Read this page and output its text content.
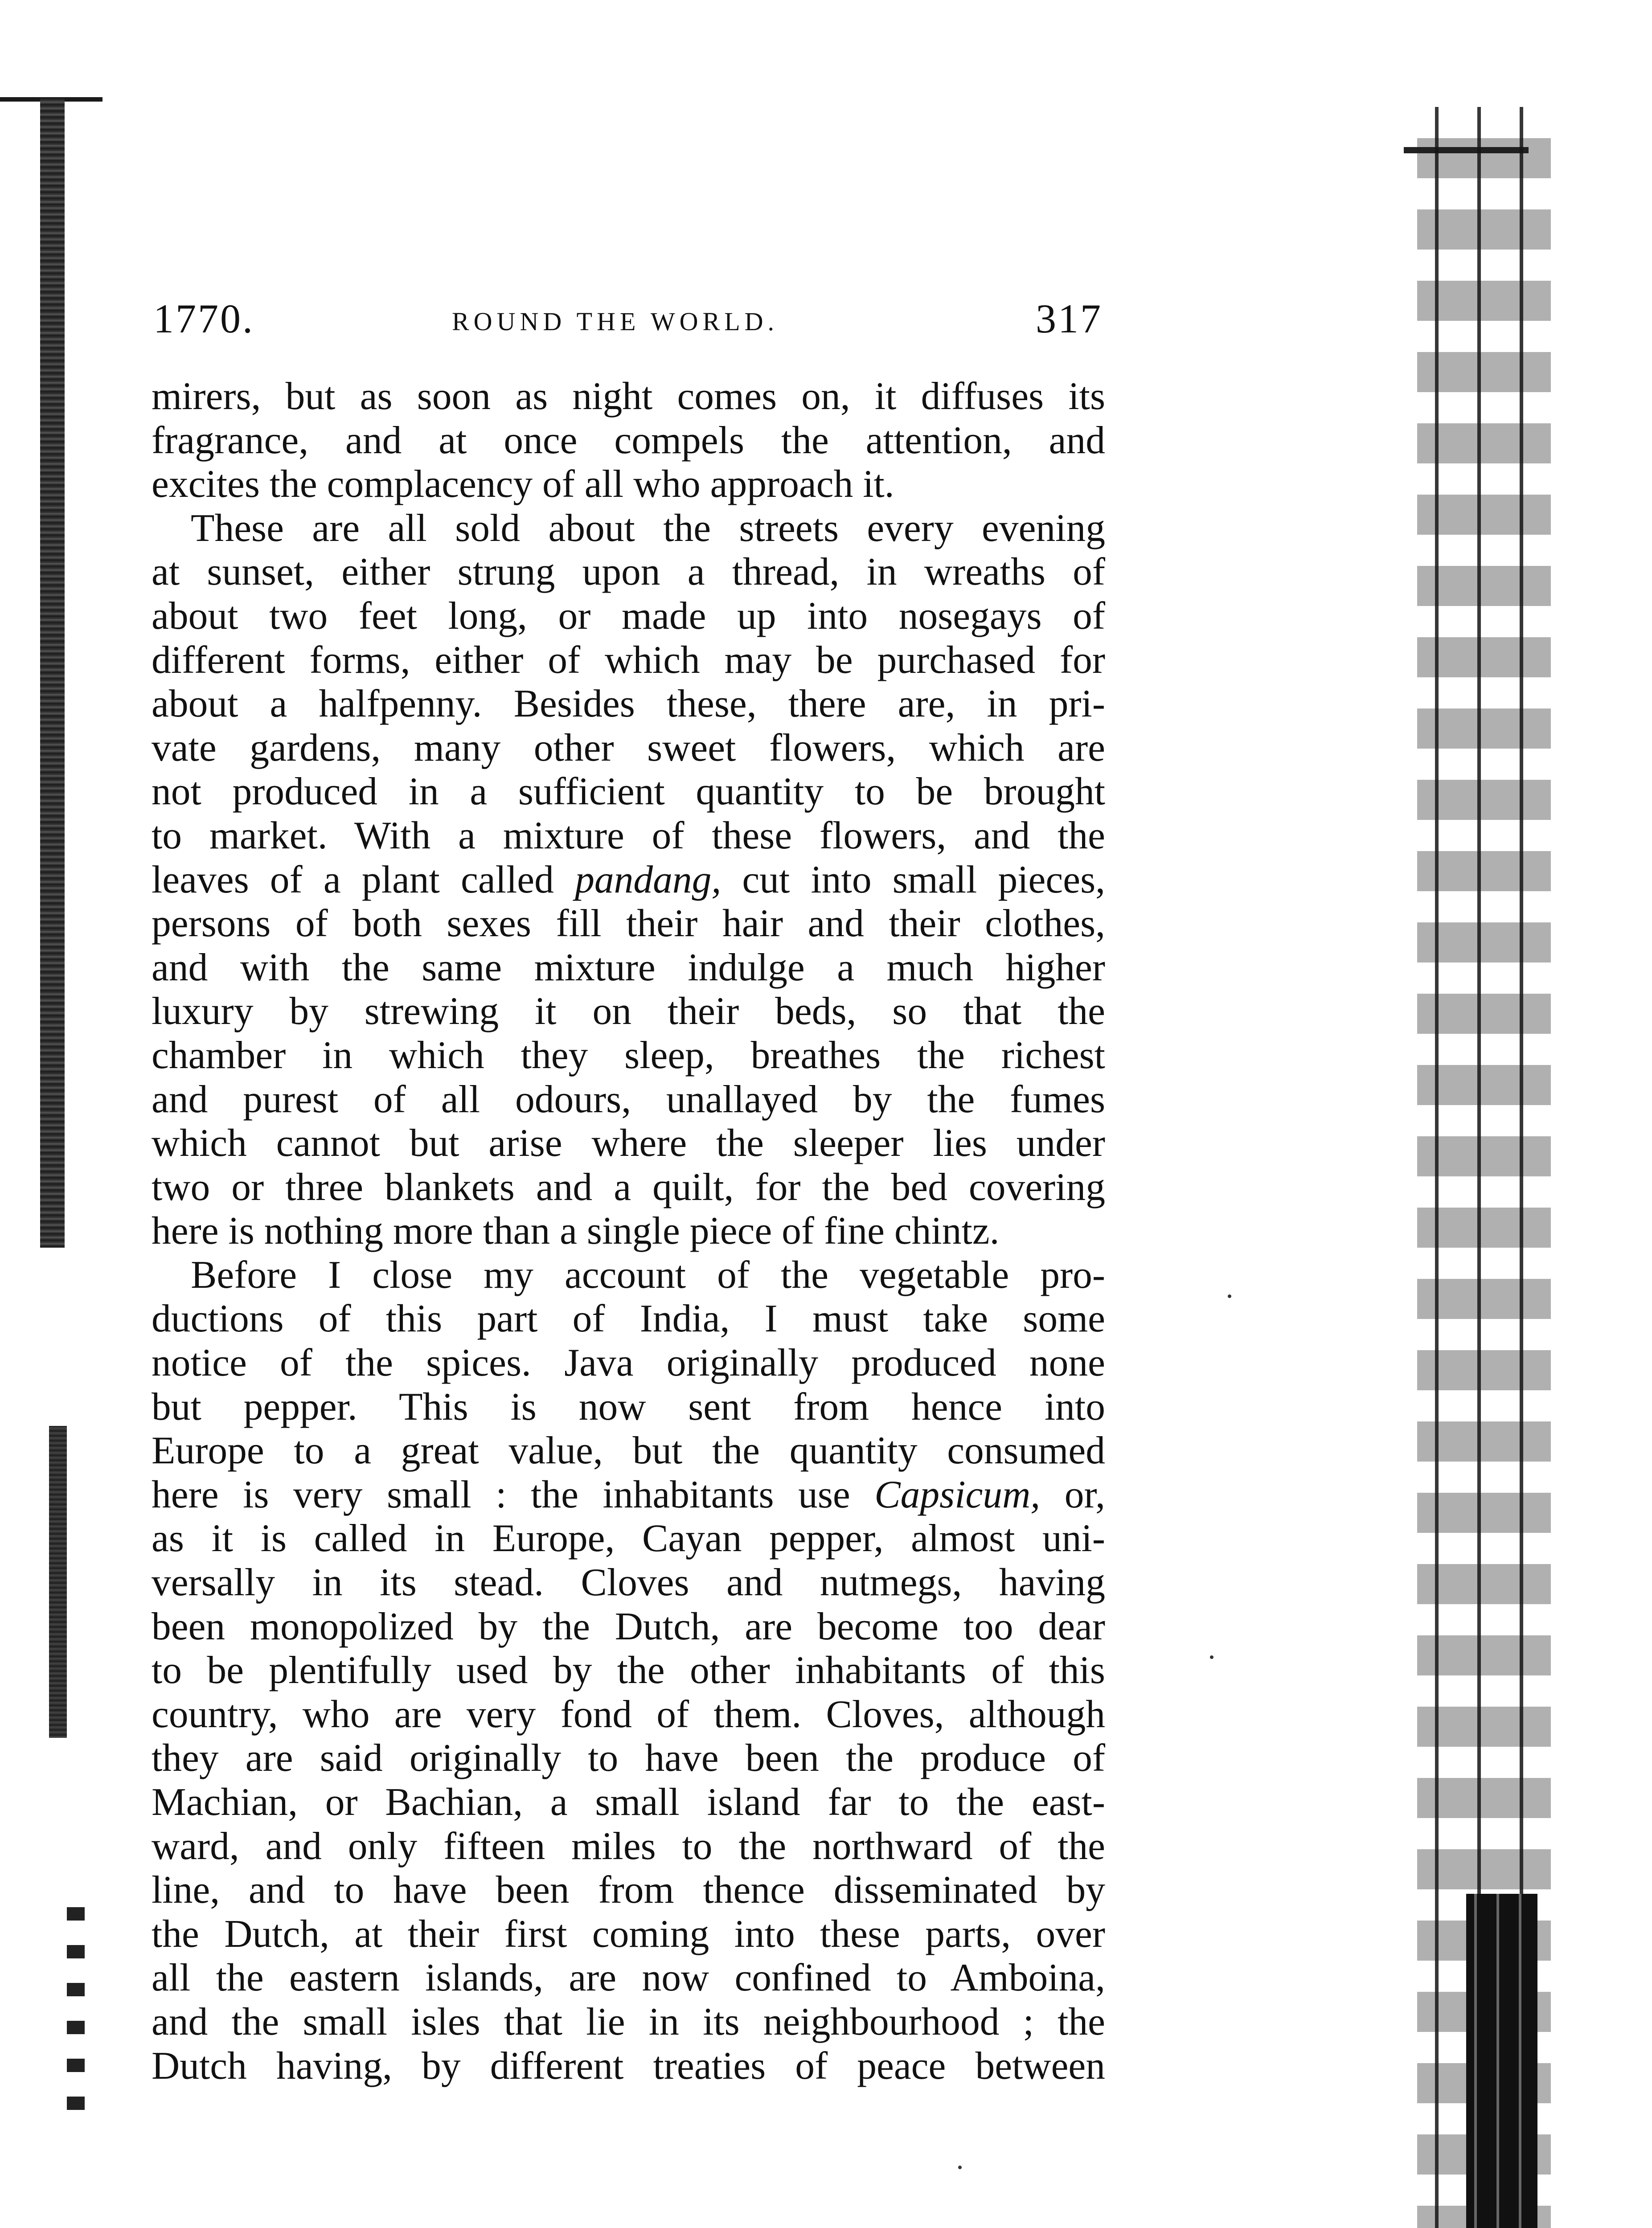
1770.	ROUND THE WORLD.	317
mirers, but as soon as night comes on, it diffuses its
fragrance, and at once compels the attention, and
excites the complacency of all who approach it.
These are all sold about the streets every evening
at sunset, either strung upon a thread, in wreaths of
about two feet long, or made up into nosegays of
different forms, either of which may be purchased for
about a halfpenny. Besides these, there are, in pri-
vate gardens, many other sweet flowers, which are
not produced in a sufficient quantity to be brought
to market. With a mixture of these flowers, and the
leaves of a plant called pandang, cut into small pieces,
persons of both sexes fill their hair and their clothes,
and with the same mixture indulge a much higher
luxury by strewing it on their beds, so that the
chamber in which they sleep, breathes the richest
and purest of all odours, unallayed by the fumes
which cannot but arise where the sleeper lies under
two or three blankets and a quilt, for the bed covering
here is nothing more than a single piece of fine chintz.
Before I close my account of the vegetable pro-
ductions of this part of India, I must take some
notice of the spices. Java originally produced none
but pepper. This is now sent from hence into
Europe to a great value, but the quantity consumed
here is very small : the inhabitants use Capsicum, or,
as it is called in Europe, Cayan pepper, almost uni-
versally in its stead. Cloves and nutmegs, having
been monopolized by the Dutch, are become too dear
to be plentifully used by the other inhabitants of this
country, who are very fond of them. Cloves, although
they are said originally to have been the produce of
Machian, or Bachian, a small island far to the east-
ward, and only fifteen miles to the northward of the
line, and to have been from thence disseminated by
the Dutch, at their first coming into these parts, over
all the eastern islands, are now confined to Amboina,
and the small isles that lie in its neighbourhood ; the
Dutch having, by different treaties of peace between
